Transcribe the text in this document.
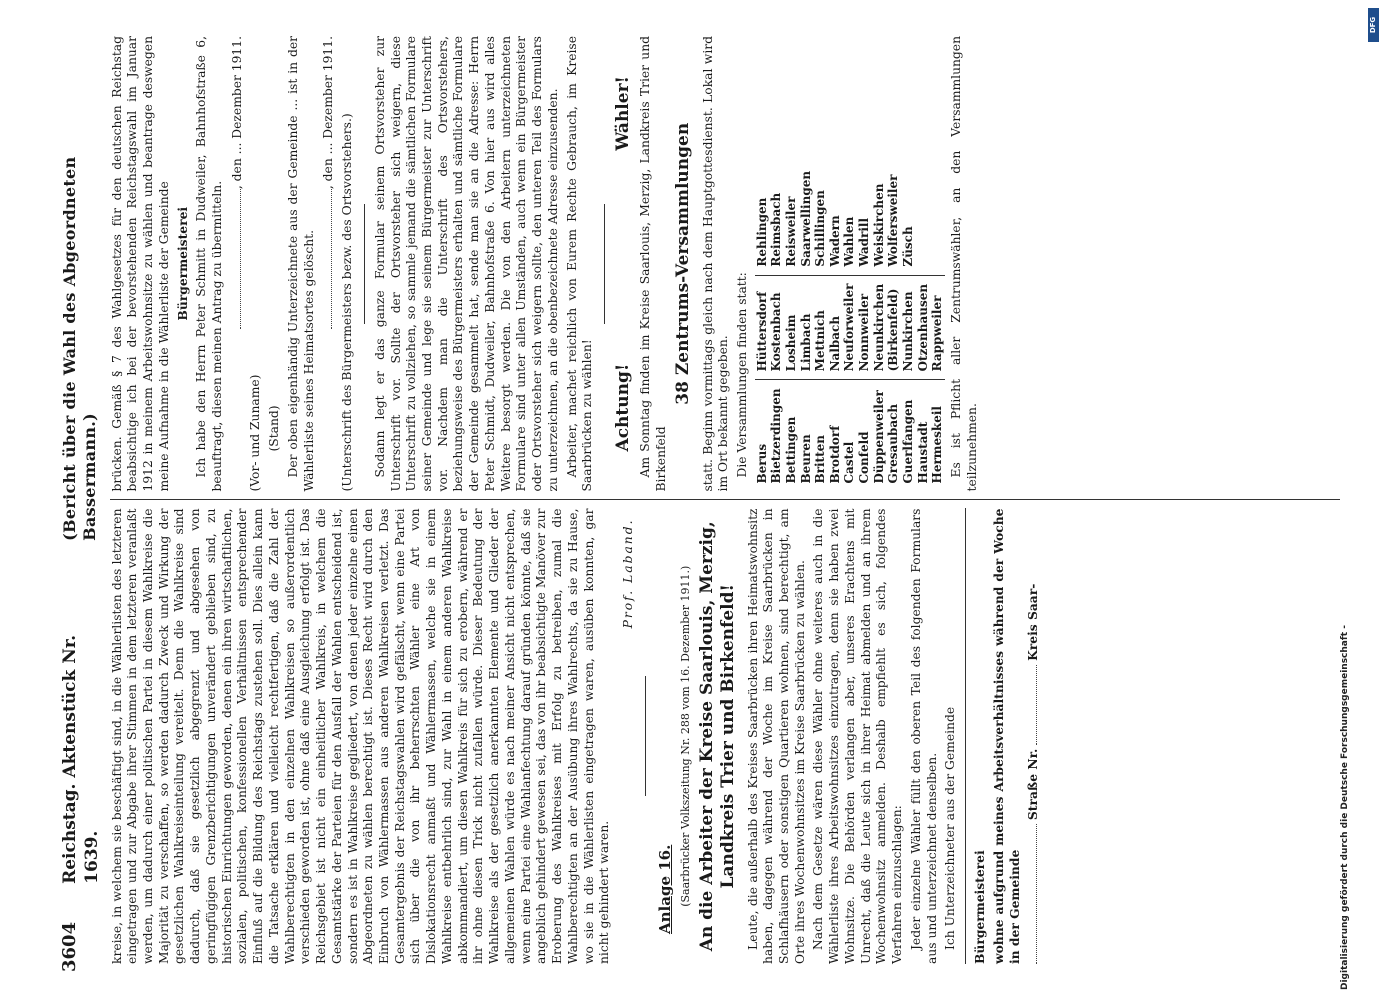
3604
Reichstag. Aktenstück Nr. 1639.
(Bericht über die Wahl des Abgeordneten Bassermann.)

kreise, in welchem sie beschäftigt sind, in die Wählerlisten des letzteren eingetragen und zur Abgabe ihrer Stimmen in dem letzteren veranlaßt werden, um dadurch einer politischen Partei in diesem Wahlkreise die Majorität zu verschaffen, so werden dadurch Zweck und Wirkung der gesetzlichen Wahlkreiseinteilung vereitelt. Denn die Wahlkreise sind dadurch, daß sie gesetzlich abgegrenzt und abgesehen von geringfügigen Grenzberichtigungen unverändert geblieben sind, zu historischen Einrichtungen geworden, denen ein ihren wirtschaftlichen, sozialen, politischen, konfessionellen Verhältnissen entsprechender Einfluß auf die Bildung des Reichstags zustehen soll. Dies allein kann die Tatsache erklären und vielleicht rechtfertigen, daß die Zahl der Wahlberechtigten in den einzelnen Wahlkreisen so außerordentlich verschieden geworden ist, ohne daß eine Ausgleichung erfolgt ist. Das Reichsgebiet ist nicht ein einheitlicher Wahlkreis, in welchem die Gesamtstärke der Parteien für den Ausfall der Wahlen entscheidend ist, sondern es ist in Wahlkreise gegliedert, von denen jeder einzelne einen Abgeordneten zu wählen berechtigt ist. Dieses Recht wird durch den Einbruch von Wählermassen aus anderen Wahlkreisen verletzt. Das Gesamtergebnis der Reichstagswahlen wird gefälscht, wenn eine Partei sich über die von ihr beherrschten Wähler eine Art von Dislokationsrecht anmaßt und Wählermassen, welche sie in einem Wahlkreise entbehrlich sind, zur Wahl in einem anderen Wahlkreise abkommandiert, um diesen Wahlkreis für sich zu erobern, während er ihr ohne diesen Trick nicht zufallen würde. Dieser Bedeutung der Wahlkreise als der gesetzlich anerkannten Elemente und Glieder der allgemeinen Wahlen würde es nach meiner Ansicht nicht entsprechen, wenn eine Partei eine Wahlanfechtung darauf gründen könnte, daß sie angeblich gehindert gewesen sei, das von ihr beabsichtigte Manöver zur Eroberung des Wahlkreises mit Erfolg zu betreiben, zumal die Wahlberechtigten an der Ausübung ihres Wahlrechts, da sie zu Hause, wo sie in die Wählerlisten eingetragen waren, ausüben konnten, gar nicht gehindert waren.

Prof. Laband.
Anlage 16. (Saarbrücker Volkszeitung Nr. 288 vom 16. Dezember 1911.) An die Arbeiter der Kreise Saarlouis, Merzig, Landkreis Trier und Birkenfeld! Leute, die außerhalb des Kreises Saarbrücken ihren Heimatswohnsitz haben, dagegen während der Woche im Kreise Saarbrücken in Schlafhäusern oder sonstigen Quartieren wohnen, sind berechtigt, am Orte ihres Wochenwohnsitzes im Kreise Saarbrücken zu wählen. Nach dem Gesetze wären diese Wähler ohne weiteres auch in die Wählerliste ihres Arbeitswohnsitzes einzutragen, denn sie haben zwei Wohnsitze. Die Behörden verlangen aber, unseres Erachtens mit Unrecht, daß die Leute sich in ihrer Heimat abmelden und an ihrem Wochenwohnsitz anmelden. Deshalb empfiehlt es sich, folgendes Verfahren einzuschlagen: Jeder einzelne Wähler füllt den oberen Teil des folgenden Formulars aus und unterzeichnet denselben. Ich Unterzeichneter aus der Gemeinde Bürgermeisterei wohne aufgrund meines Arbeitsverhältnisses während der Woche in der Gemeinde
Straße Nr.  Kreis Saar-

brücken. Gemäß § 7 des Wahlgesetzes für den deutschen Reichstag beabsichtige ich bei der bevorstehenden Reichstagswahl im Januar 1912 in meinem Arbeitswohnsitze zu wählen und beantrage deswegen meine Aufnahme in die Wählerliste der Gemeinde Bürgermeisterei Ich habe den Herrn Peter Schmitt in Dudweiler, Bahnhofstraße 6, beauftragt, diesen meinen Antrag zu übermitteln. , den ... Dezember 1911.
(Vor- und Zuname) (Stand) Der oben eigenhändig Unterzeichnete aus der Gemeinde ... ist in der Wählerliste seines Heimatsortes gelöscht.

, den ... Dezember 1911.
(Unterschrift des Bürgermeisters bezw. des Ortsvorstehers.) Sodann legt er das ganze Formular seinem Ortsvorsteher zur Unterschrift vor. Sollte der Ortsvorsteher sich weigern, diese Unterschrift zu vollziehen, so sammle jemand die sämtlichen Formulare seiner Gemeinde und lege sie seinem Bürgermeister zur Unterschrift vor. Nachdem man die Unterschrift des Ortsvorstehers, beziehungsweise des Bürgermeisters erhalten und sämtliche Formulare der Gemeinde gesammelt hat, sende man sie an die Adresse: Herrn Peter Schmidt, Dudweiler, Bahnhofstraße 6. Von hier aus wird alles Weitere besorgt werden. Die von den Arbeitern unterzeichneten Formulare sind unter allen Umständen, auch wenn ein Bürgermeister oder Ortsvorsteher sich weigern sollte, den unteren Teil des Formulars zu unterzeichnen, an die obenbezeichnete Adresse einzusenden. Arbeiter, machet reichlich von Eurem Rechte Gebrauch, im Kreise Saarbrücken zu wählen! Achtung!
Wähler! Am Sonntag finden im Kreise Saarlouis, Merzig, Landkreis Trier und Birkenfeld

38 Zentrums-Versammlungen statt. Beginn vormittags gleich nach dem Hauptgottesdienst. Lokal wird im Ort bekannt gegeben. Die Versammlungen finden statt: Berus Bietzerdingen Bettingen Beuren Britten Brotdorf Castel Confeld Düppenweiler Gresaubach Guerlfangen Haustadt Hermeskeil
Hüttersdorf Kostenbach Losheim Limbach Mettnich Nalbach Neuforweiler Nonnweiler Neunkirchen (Birkenfeld) Nunkirchen Otzenhausen Rappweiler
Rehlingen Reimsbach Reisweiler Saarwellingen Schillingen Wadern Wahlen Wadrill Weiskirchen Wolfersweiler Züsch	Es ist Pflicht aller Zentrumswähler, an den Versammlungen teilzunehmen.

Digitalisierung gefördert durch die Deutsche Forschungsgemeinschaft -
DFG
